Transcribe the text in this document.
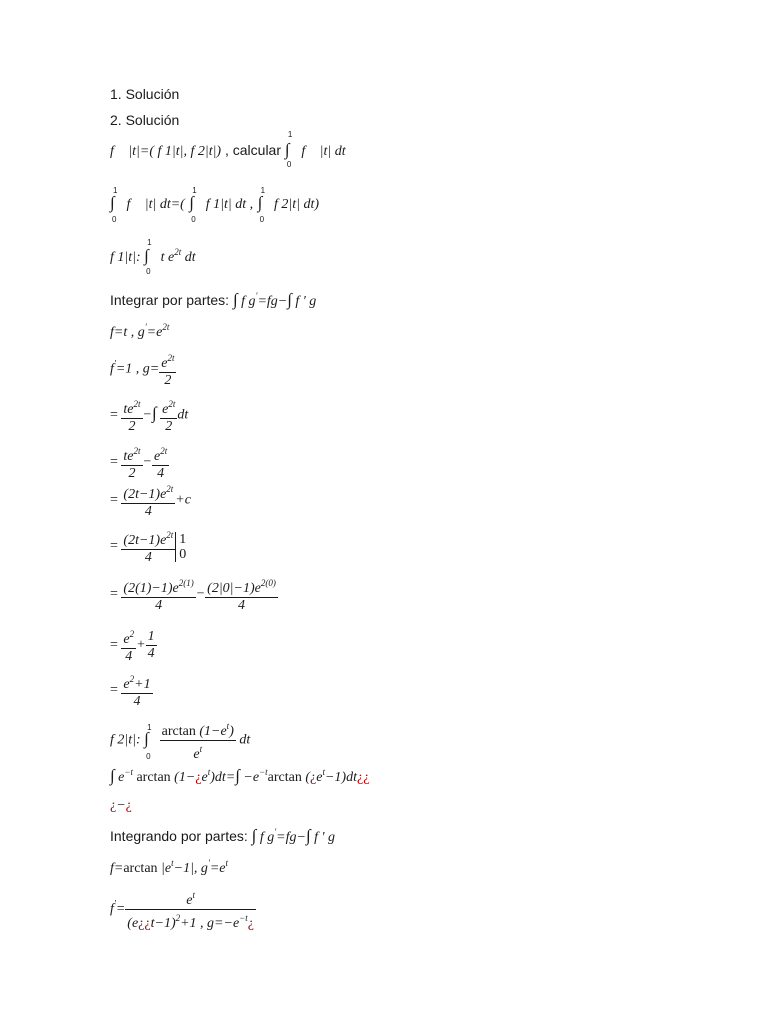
1. Solución
2. Solución
f⃗ |t|=( f 1|t|, f 2|t|) , calcular
1
∫
0
f⃗ |t| dt
1
∫
0
f⃗ |t| dt=(
1
∫
0
f 1|t| dt ,
1
∫
0
f 2|t| dt)
f 1|t|:
1
∫
0
t $e^{2t}$ dt
Integrar por partes: ∫ f g'=fg−∫ f ' g
f=t , $g'=e^{2t}$
f'=1 , $g= \frac{e^{2t}}{2}$
= $\frac{te^{2t}}{2}$ −∫ $\frac{e^{2t}}{2}$ dt
= $\frac{te^{2t}}{2} - \frac{e^{2t}}{4}$
= $\frac{(2t-1)e^{2t}}{4} +c$
= $\frac{(2t-1)e^{2t}}{4} 1$
0
= $\frac{(2(1)-1)e^{2(1)}}{4} - \frac{(2|0|-1)e^{2(0)}}{4}$
= $\frac{e^2}{4} + \frac{1}{4}$
= $\frac{e^2+1}{4}$
f 2|t|:
1
∫
0
$\frac{\arctan (1-e^t)}{e^t}$ dt
∫ $e^{-t}$ $\arctan (1-¿e^t)dt=\int -e^{-t}\arctan$ $(¿e^t-1)dt¿¿$
¿−¿
Integrando por partes: ∫ f g'=fg−∫ f ' g
f=arctan $|e^t-1|$, $g'=e^t$
$f'= \frac{e^t}{(e¿¿t-1)^2+1 , g=-e^{-t}¿}$
